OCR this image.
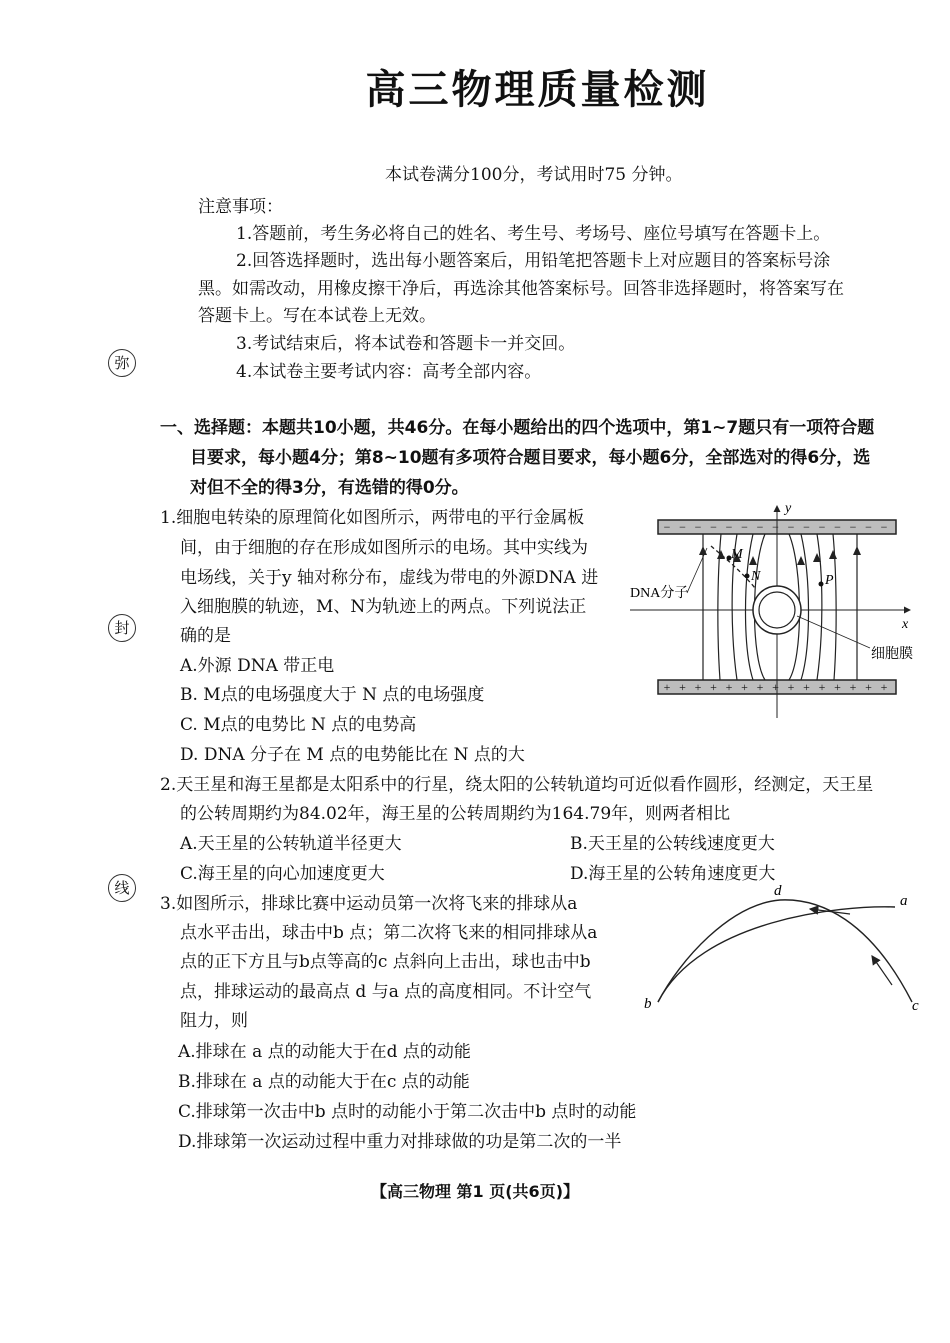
高三物理质量检测
本试卷满分100分，考试用时75 分钟。
注意事项：
1.答题前，考生务必将自己的姓名、考生号、考场号、座位号填写在答题卡上。
2.回答选择题时，选出每小题答案后，用铅笔把答题卡上对应题目的答案标号涂
黑。如需改动，用橡皮擦干净后，再选涂其他答案标号。回答非选择题时，将答案写在
答题卡上。写在本试卷上无效。
3.考试结束后，将本试卷和答题卡一并交回。
4.本试卷主要考试内容：高考全部内容。
弥
封
线
一、选择题：本题共10小题，共46分。在每小题给出的四个选项中，第1~7题只有一项符合题
目要求，每小题4分；第8~10题有多项符合题目要求，每小题6分，全部选对的得6分，选
对但不全的得3分，有选错的得0分。
1.细胞电转染的原理简化如图所示，两带电的平行金属板
间，由于细胞的存在形成如图所示的电场。其中实线为
电场线，关于y 轴对称分布，虚线为带电的外源DNA 进
入细胞膜的轨迹，M、N为轨迹上的两点。下列说法正
确的是
A.外源 DNA 带正电
B. M点的电场强度大于 N 点的电场强度
C. M点的电势比 N 点的电势高
D. DNA 分子在 M 点的电势能比在 N 点的大
− − − − − − − − − − − − − − −
+ + + + + + + + + + + + + + +
y
x
M
N	P
DNA分子
细胞膜
2.天王星和海王星都是太阳系中的行星，绕太阳的公转轨道均可近似看作圆形，经测定，天王星
的公转周期约为84.02年，海王星的公转周期约为164.79年，则两者相比
A.天王星的公转轨道半径更大	B.天王星的公转线速度更大
C.海王星的向心加速度更大	D.海王星的公转角速度更大
3.如图所示，排球比赛中运动员第一次将飞来的排球从a
点水平击出，球击中b 点；第二次将飞来的相同排球从a
点的正下方且与b点等高的c 点斜向上击出，球也击中b
点，排球运动的最高点 d 与a 点的高度相同。不计空气
阻力，则
A.排球在 a 点的动能大于在d 点的动能
B.排球在 a 点的动能大于在c 点的动能
C.排球第一次击中b 点时的动能小于第二次击中b 点时的动能
D.排球第一次运动过程中重力对排球做的功是第二次的一半
d
a
b	c
【高三物理 第1 页(共6页)】
